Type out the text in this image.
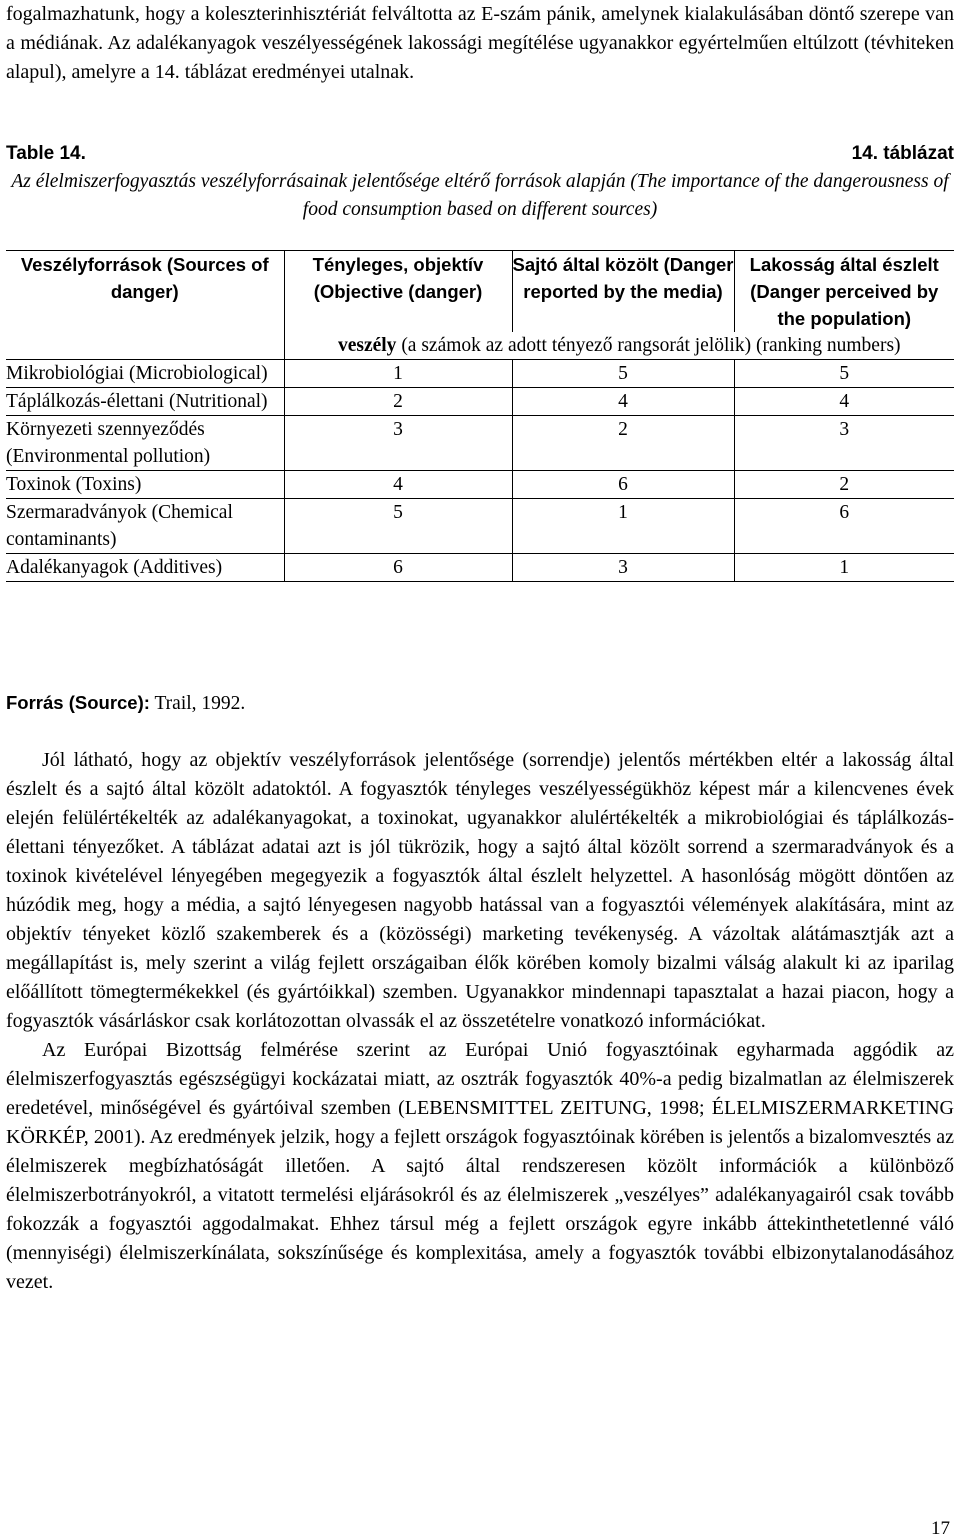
fogalmazhatunk, hogy a koleszterinhisztériát felváltotta az E-szám pánik, amelynek kialakulásában döntő szerepe van a médiának. Az adalékanyagok veszélyességének lakossági megítélése ugyanakkor egyértelműen eltúlzott (tévhiteken alapul), amelyre a 14. táblázat eredményei utalnak.

Table 14.	14. táblázat
Az élelmiszerfogyasztás veszélyforrásainak jelentősége eltérő források alapján (The importance of the dangerousness of food consumption based on different sources)
Veszélyforrások (Sources of danger)	Tényleges, objektív (Objective (danger)	Sajtó által közölt (Danger reported by the media)	Lakosság által észlelt (Danger perceived by the population)
	veszély (a számok az adott tényező rangsorát jelölik) (ranking numbers)		
Mikrobiológiai (Microbiological)	1	5	5
Táplálkozás-élettani (Nutritional)	2	4	4
Környezeti szennyeződés (Environmental pollution)	3	2	3
Toxinok (Toxins)	4	6	2
Szermaradványok (Chemical contaminants)	5	1	6
Adalékanyagok (Additives)	6	3	1
Forrás (Source): Trail, 1992.

Jól látható, hogy az objektív veszélyforrások jelentősége (sorrendje) jelentős mértékben eltér a lakosság által észlelt és a sajtó által közölt adatoktól. A fogyasztók tényleges veszélyességükhöz képest már a kilencvenes évek elején felülértékelték az adalékanyagokat, a toxinokat, ugyanakkor alulértékelték a mikrobiológiai és táplálkozás-élettani tényezőket. A táblázat adatai azt is jól tükrözik, hogy a sajtó által közölt sorrend a szermaradványok és a toxinok kivételével lényegében megegyezik a fogyasztók által észlelt helyzettel. A hasonlóság mögött döntően az húzódik meg, hogy a média, a sajtó lényegesen nagyobb hatással van a fogyasztói vélemények alakítására, mint az objektív tényeket közlő szakemberek és a (közösségi) marketing tevékenység. A vázoltak alátámasztják azt a megállapítást is, mely szerint a világ fejlett országaiban élők körében komoly bizalmi válság alakult ki az iparilag előállított tömegtermékekkel (és gyártóikkal) szemben. Ugyanakkor mindennapi tapasztalat a hazai piacon, hogy a fogyasztók vásárláskor csak korlátozottan olvassák el az összetételre vonatkozó információkat.

Az Európai Bizottság felmérése szerint az Európai Unió fogyasztóinak egyharmada aggódik az élelmiszerfogyasztás egészségügyi kockázatai miatt, az osztrák fogyasztók 40%-a pedig bizalmatlan az élelmiszerek eredetével, minőségével és gyártóival szemben (LEBENSMITTEL ZEITUNG, 1998; ÉLELMISZERMARKETING KÖRKÉP, 2001). Az eredmények jelzik, hogy a fejlett országok fogyasztóinak körében is jelentős a bizalomvesztés az élelmiszerek megbízhatóságát illetően. A sajtó által rendszeresen közölt információk a különböző élelmiszerbotrányokról, a vitatott termelési eljárásokról és az élelmiszerek „veszélyes” adalékanyagairól csak tovább fokozzák a fogyasztói aggodalmakat. Ehhez társul még a fejlett országok egyre inkább áttekinthetetlenné váló (mennyiségi) élelmiszerkínálata, sokszínűsége és komplexitása, amely a fogyasztók további elbizonytalanodásához vezet.

17
